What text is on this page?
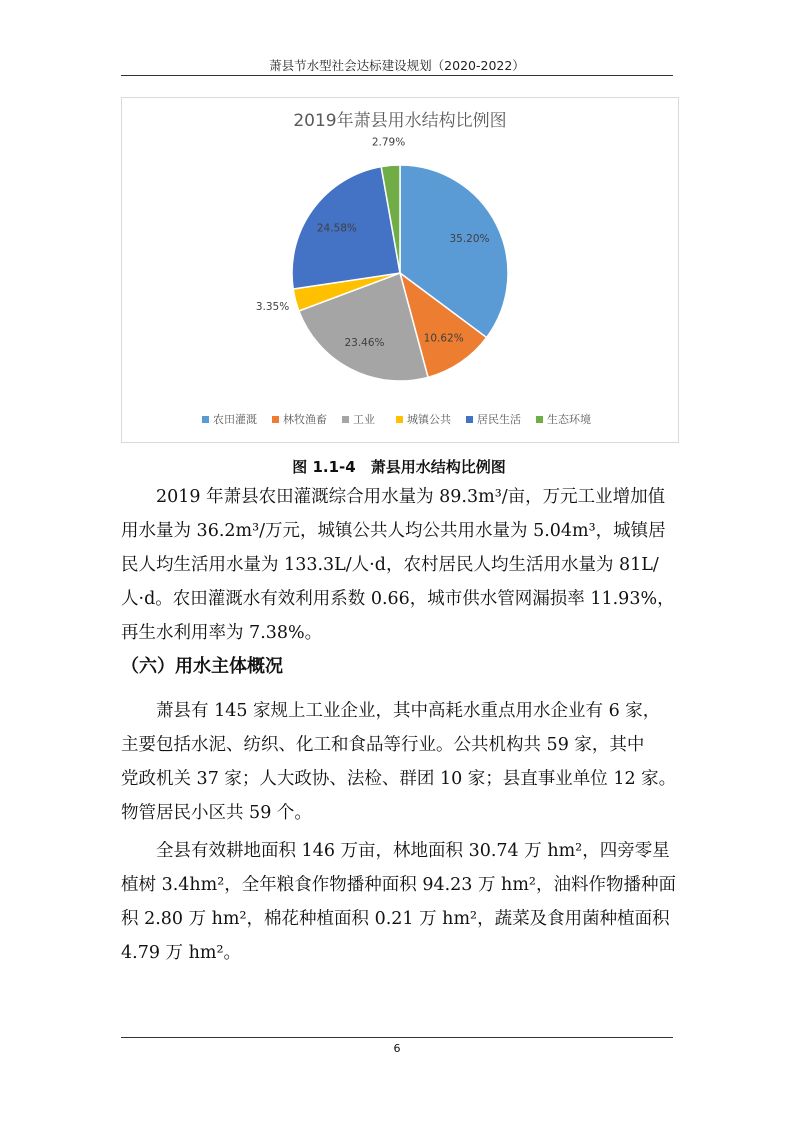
萧县节水型社会达标建设规划（2020-2022）
2019年萧县用水结构比例图
35.20%
10.62%
23.46%
3.35%
24.58%
2.79%
农田灌溉 林牧渔畜 工业	城镇公共 居民生活 生态环境
图 1.1-4　萧县用水结构比例图
2019 年萧县农田灌溉综合用水量为 89.3m³/亩，万元工业增加值
用水量为 36.2m³/万元，城镇公共人均公共用水量为 5.04m³，城镇居
民人均生活用水量为 133.3L/人·d，农村居民人均生活用水量为 81L/
人·d。农田灌溉水有效利用系数 0.66，城市供水管网漏损率 11.93%，
再生水利用率为 7.38%。
（六）用水主体概况
萧县有 145 家规上工业企业，其中高耗水重点用水企业有 6 家，
主要包括水泥、纺织、化工和食品等行业。公共机构共 59 家，其中
党政机关 37 家；人大政协、法检、群团 10 家；县直事业单位 12 家。
物管居民小区共 59 个。
全县有效耕地面积 146 万亩，林地面积 30.74 万 hm²，四旁零星
植树 3.4hm²，全年粮食作物播种面积 94.23 万 hm²，油料作物播种面
积 2.80 万 hm²，棉花种植面积 0.21 万 hm²，蔬菜及食用菌种植面积
4.79 万 hm²。
6
